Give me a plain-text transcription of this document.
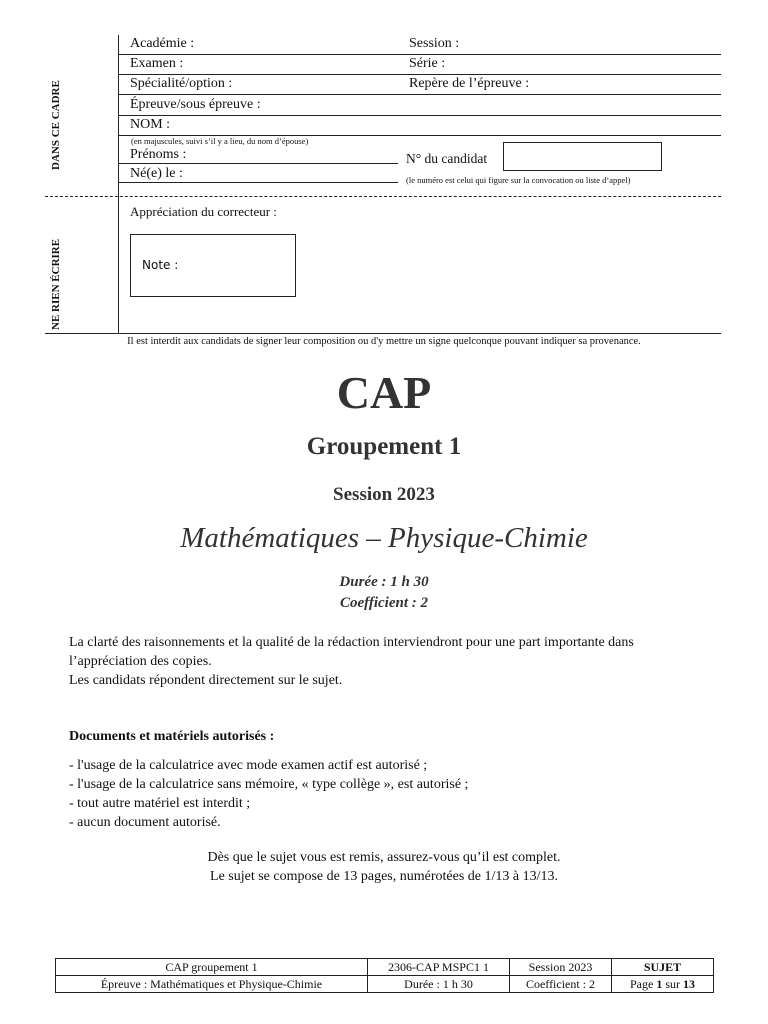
DANS CE CADRE
NE RIEN ÉCRIRE
Académie :	Session :
Examen :	Série :
Spécialité/option :	Repère de l’épreuve :
Épreuve/sous épreuve :
NOM :
(en majuscules, suivi s’il y a lieu, du nom d’épouse)
Prénoms :
Né(e) le :
N° du candidat
(le numéro est celui qui figure sur la convocation ou liste d’appel)
Appréciation du correcteur :
Note :
Il est interdit aux candidats de signer leur composition ou d'y mettre un signe quelconque pouvant indiquer sa provenance.
CAP
Groupement 1
Session 2023
Mathématiques – Physique-Chimie
Durée : 1 h 30
Coefficient : 2
La clarté des raisonnements et la qualité de la rédaction interviendront pour une part importante dans l’appréciation des copies.
Les candidats répondent directement sur le sujet.
Documents et matériels autorisés :
- l'usage de la calculatrice avec mode examen actif est autorisé ;
- l'usage de la calculatrice sans mémoire, « type collège », est autorisé ;
- tout autre matériel est interdit ;
- aucun document autorisé.
Dès que le sujet vous est remis, assurez-vous qu’il est complet.
Le sujet se compose de 13 pages, numérotées de 1/13 à 13/13.
CAP groupement 1	2306-CAP MSPC1 1	Session 2023	SUJET
Épreuve : Mathématiques et Physique-Chimie	Durée : 1 h 30	Coefficient : 2	Page 1 sur 13
